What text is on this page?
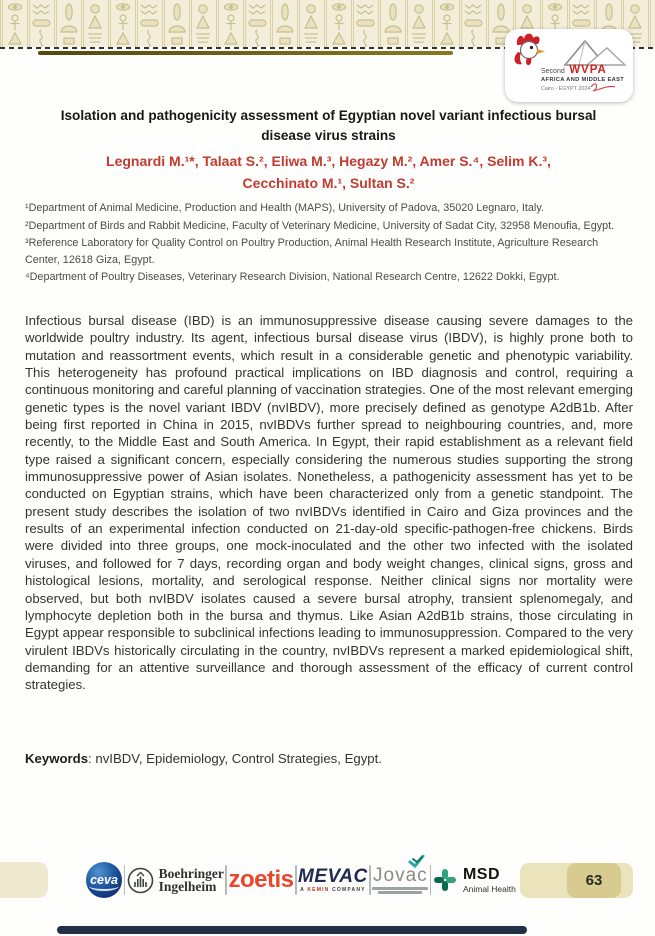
Second WVPA
AFRICA AND MIDDLE EAST
Cairo - EGYPT 2024
Isolation and pathogenicity assessment of Egyptian novel variant infectious bursal
disease virus strains
Legnardi M.¹*, Talaat S.², Eliwa M.³, Hegazy M.², Amer S.⁴, Selim K.³,
Cecchinato M.¹, Sultan S.²
¹Department of Animal Medicine, Production and Health (MAPS), University of Padova, 35020 Legnaro, Italy.
²Department of Birds and Rabbit Medicine, Faculty of Veterinary Medicine, University of Sadat City, 32958 Menoufia, Egypt.
³Reference Laboratory for Quality Control on Poultry Production, Animal Health Research Institute, Agriculture Research Center, 12618 Giza, Egypt.
⁴Department of Poultry Diseases, Veterinary Research Division, National Research Centre, 12622 Dokki, Egypt.
Infectious bursal disease (IBD) is an immunosuppressive disease causing severe damages to the worldwide poultry industry. Its agent, infectious bursal disease virus (IBDV), is highly prone both to mutation and reassortment events, which result in a considerable genetic and phenotypic variability. This heterogeneity has profound practical implications on IBD diagnosis and control, requiring a continuous monitoring and careful planning of vaccination strategies. One of the most relevant emerging genetic types is the novel variant IBDV (nvIBDV), more precisely defined as genotype A2dB1b. After being first reported in China in 2015, nvIBDVs further spread to neighbouring countries, and, more recently, to the Middle East and South America. In Egypt, their rapid establishment as a relevant field type raised a significant concern, especially considering the numerous studies supporting the strong immunosuppressive power of Asian isolates. Nonetheless, a pathogenicity assessment has yet to be conducted on Egyptian strains, which have been characterized only from a genetic standpoint. The present study describes the isolation of two nvIBDVs identified in Cairo and Giza provinces and the results of an experimental infection conducted on 21-day-old specific-pathogen-free chickens. Birds were divided into three groups, one mock-inoculated and the other two infected with the isolated viruses, and followed for 7 days, recording organ and body weight changes, clinical signs, gross and histological lesions, mortality, and serological response. Neither clinical signs nor mortality were observed, but both nvIBDV isolates caused a severe bursal atrophy, transient splenomegaly, and lymphocyte depletion both in the bursa and thymus. Like Asian A2dB1b strains, those circulating in Egypt appear responsible to subclinical infections leading to immunosuppression. Compared to the very virulent IBDVs historically circulating in the country, nvIBDVs represent a marked epidemiological shift, demanding for an attentive surveillance and thorough assessment of the efficacy of current control strategies.
Keywords: nvIBDV, Epidemiology, Control Strategies, Egypt.
ceva	Boehringer
Ingelheim zoetis MEVAC
A KEMIN COMPANY
Jovac MSD
Animal Health	63
